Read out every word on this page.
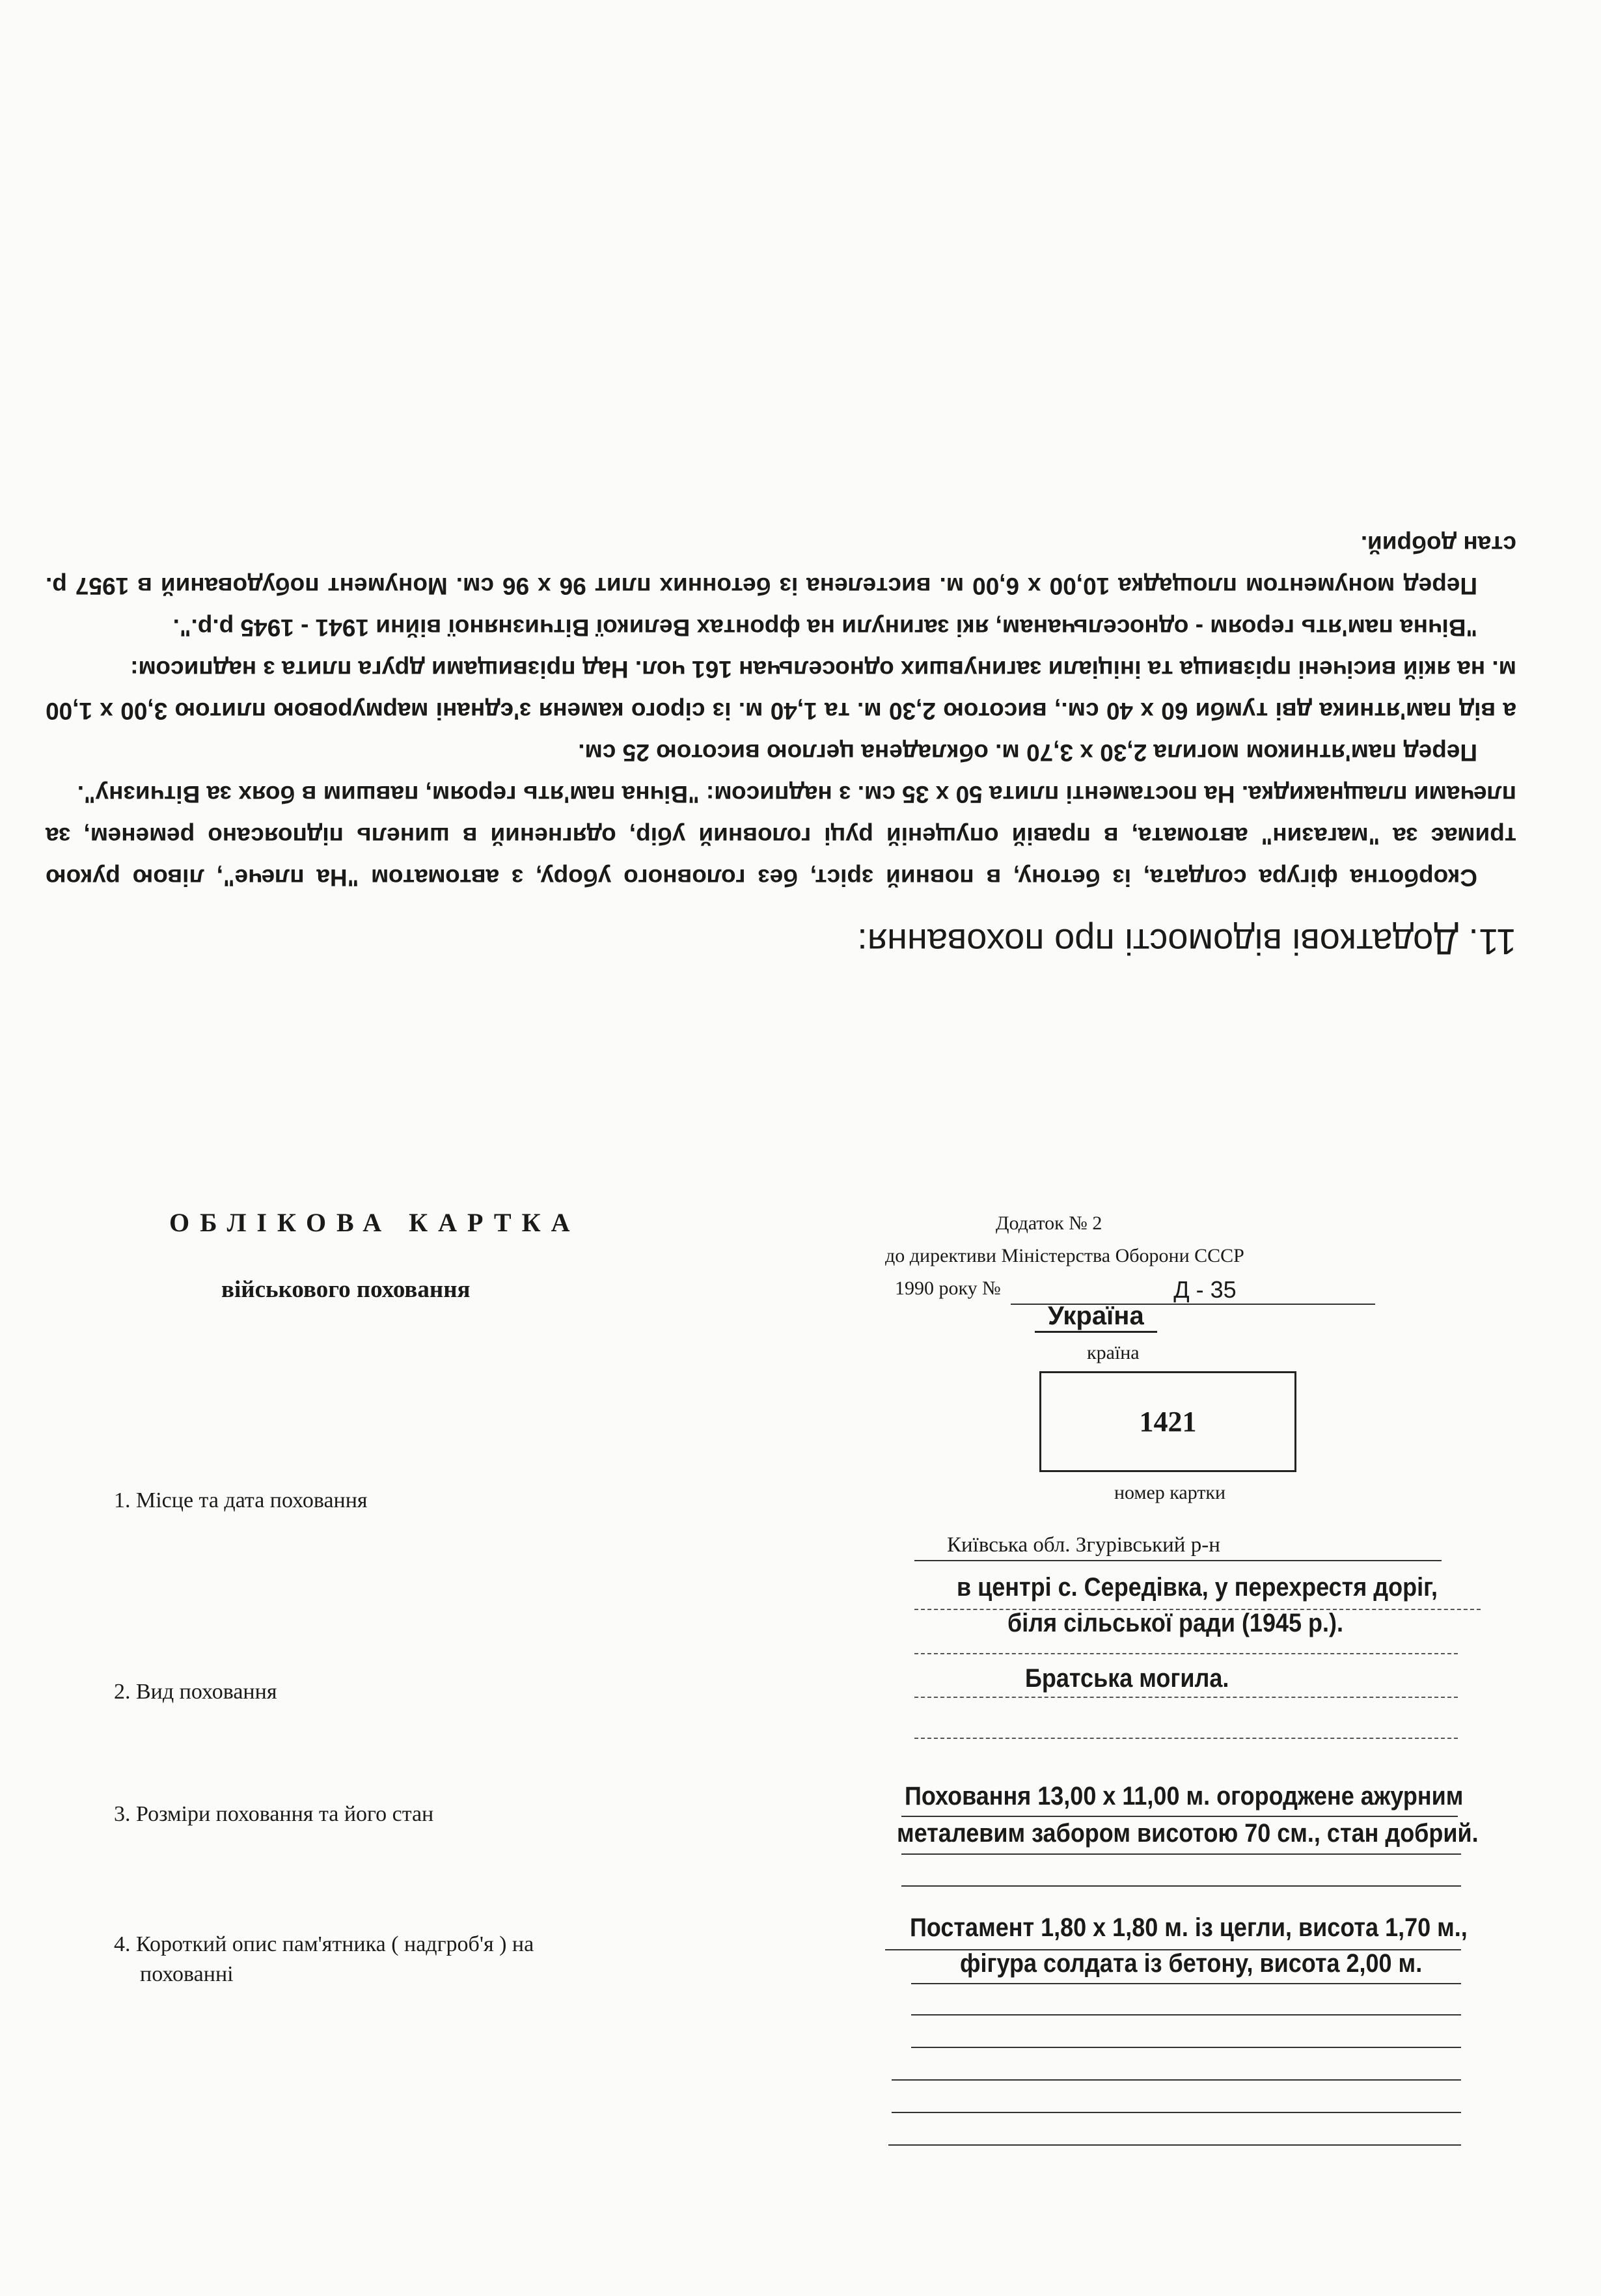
11. Додаткові відомості про поховання:

Скорботна фігура солдата, із бетону, в повний зріст, без головного убору, з автоматом "На плече", лівою рукою тримає за "магазин" автомата, в правій опущеній руці головний убір, одягнений в шинель підпоясано ременем, за плечами плащнакидка. На постаменті плита 50 х 35 см. з надписом: "Вічна пам'ять героям, павшим в боях за Вітчизну".

Перед пам'ятником могила 2,30 х 3,70 м. обкладена цеглою висотою 25 см.

а від пам'ятника дві тумби 60 х 40 см., висотою 2,30 м. та 1,40 м. із сірого каменя з'єднані мармуровою плитою 3,00 х 1,00 м. на якій висічені прізвища та ініціали загинувших односельчан 161 чол. Над прізвищами друга плита з надписом:

"Вічна пам'ять героям - односельчанам, які загинули на фронтах Великої Вітчизняної війни 1941 - 1945 р.р.".

Перед монументом площадка 10,00 х 6,00 м. вистелена із бетонних плит 96 х 96 см. Монумент побудований в 1957 р. стан добрий.

ОБЛІКОВА КАРТКА
військового поховання
Додаток № 2
до директиви Міністерства Оборони СССР
1990 року №	Д - 35
Україна
країна
1421
номер картки
1. Місце та дата поховання
2. Вид поховання
3. Розміри поховання та його стан
4. Короткий опис пам'ятника ( надгроб'я ) на
похованні
Київська обл. Згурівський р-н
в центрі с. Середівка, у перехрестя доріг,
біля сільської ради (1945 р.).
Братська могила.
Поховання 13,00 х 11,00 м. огороджене ажурним
металевим забором висотою 70 см., стан добрий.
Постамент 1,80 х 1,80 м. із цегли, висота 1,70 м.,
фігура солдата із бетону, висота 2,00 м.
